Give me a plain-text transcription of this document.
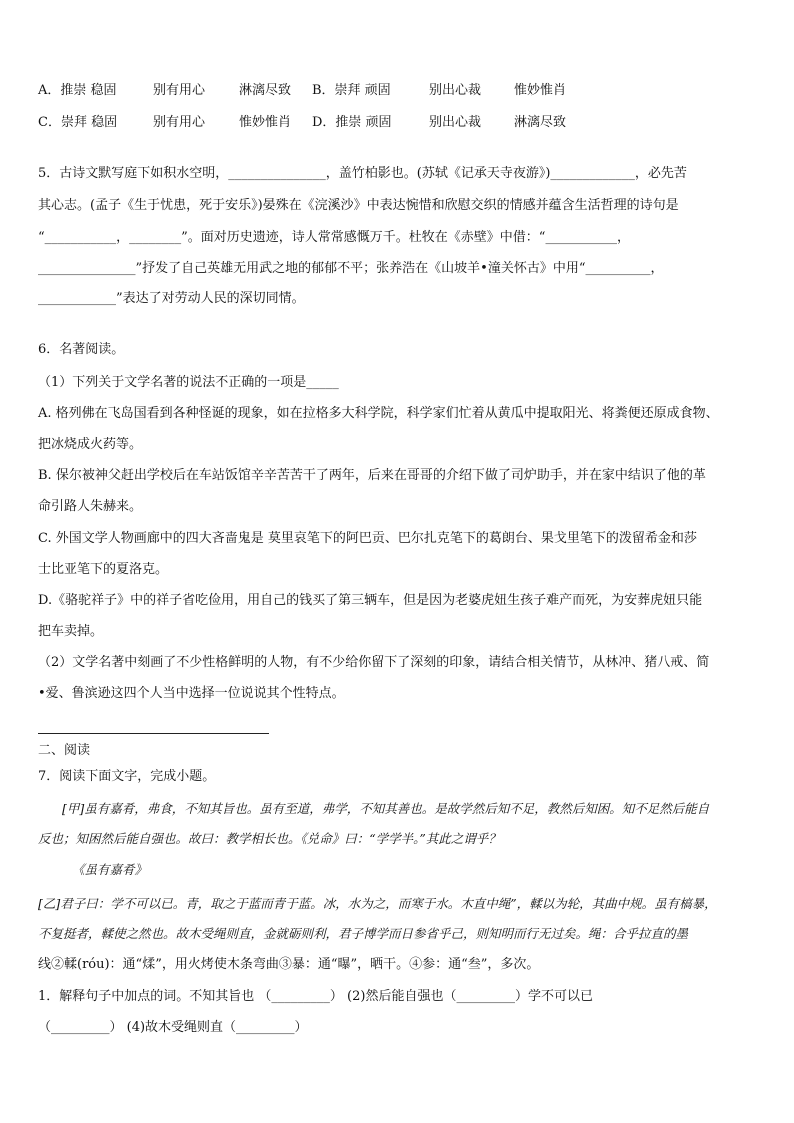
A．推崇 稳固	别有用心	淋漓尽致 B．崇拜 顽固	别出心裁	惟妙惟肖
C．崇拜 稳固	别有用心	惟妙惟肖 D．推崇 顽固	别出心裁	淋漓尽致
5．古诗文默写庭下如积水空明，_______________，盖竹柏影也。(苏轼《记承天寺夜游》)_____________，必先苦
其心志。(孟子《生于忧患，死于安乐》)晏殊在《浣溪沙》中表达惋惜和欣慰交织的情感并蕴含生活哲理的诗句是
“___________，________”。面对历史遗迹，诗人常常感慨万千。杜牧在《赤壁》中借：“___________，
_______________”抒发了自己英雄无用武之地的郁郁不平；张养浩在《山坡羊•潼关怀古》中用“__________，
____________”表达了对劳动人民的深切同情。
6．名著阅读。
（1）下列关于文学名著的说法不正确的一项是_____
A. 格列佛在飞岛国看到各种怪诞的现象，如在拉格多大科学院，科学家们忙着从黄瓜中提取阳光、将粪便还原成食物、
把冰烧成火药等。
B. 保尔被神父赶出学校后在车站饭馆辛辛苦苦干了两年，后来在哥哥的介绍下做了司炉助手，并在家中结识了他的革
命引路人朱赫来。
C. 外国文学人物画廊中的四大吝啬鬼是 莫里哀笔下的阿巴贡、巴尔扎克笔下的葛朗台、果戈里笔下的泼留希金和莎
士比亚笔下的夏洛克。
D.《骆驼祥子》中的祥子省吃俭用，用自己的钱买了第三辆车，但是因为老婆虎妞生孩子难产而死，为安葬虎妞只能
把车卖掉。
（2）文学名著中刻画了不少性格鲜明的人物，有不少给你留下了深刻的印象，请结合相关情节，从林冲、猪八戒、简
•爱、鲁滨逊这四个人当中选择一位说说其个性特点。
二、阅读
7．阅读下面文字，完成小题。
[甲]虽有嘉肴，弗食，不知其旨也。虽有至道，弗学，不知其善也。是故学然后知不足，教然后知困。知不足然后能自
反也；知困然后能自强也。故曰：教学相长也。《兑命》曰：“学学半。”其此之谓乎？
《虽有嘉肴》
[乙]君子曰：学不可以已。青，取之于蓝而青于蓝。冰，水为之，而寒于水。木直中绳”，輮以为轮，其曲中规。虽有槁暴，
不复挺者，輮使之然也。故木受绳则直，金就砺则利，君子博学而日参省乎己，则知明而行无过矣。绳：合乎拉直的墨
线②輮(róu)：通“煣”，用火烤使木条弯曲③暴：通“曝”，晒干。④参：通“叁”，多次。
1．解释句子中加点的词。不知其旨也 （_________） (2)然后能自强也（_________）学不可以已
（_________） (4)故木受绳则直（_________）
